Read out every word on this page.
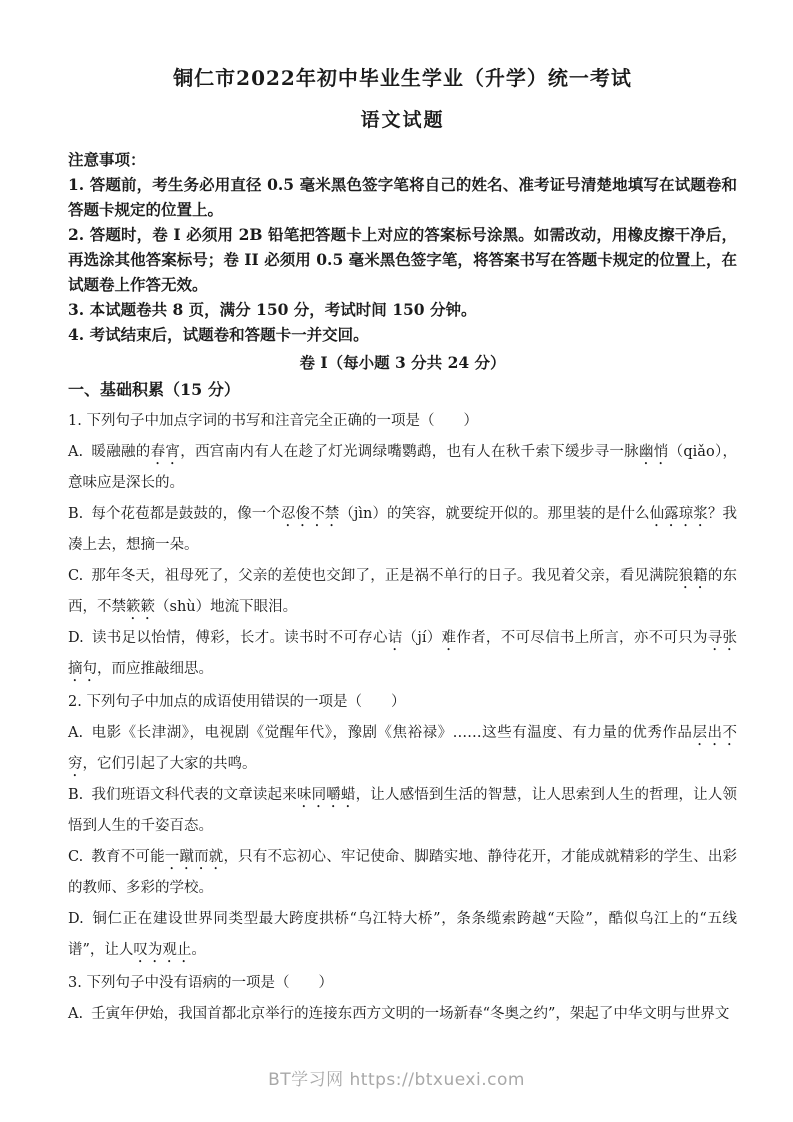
铜仁市2022年初中毕业生学业（升学）统一考试
语文试题

注意事项：

1. 答题前，考生务必用直径 0.5 毫米黑色签字笔将自己的姓名、准考证号清楚地填写在试题卷和答题卡规定的位置上。

2. 答题时，卷 I 必须用 2B 铅笔把答题卡上对应的答案标号涂黑。如需改动，用橡皮擦干净后，再选涂其他答案标号；卷 II 必须用 0.5 毫米黑色签字笔，将答案书写在答题卡规定的位置上，在试题卷上作答无效。

3. 本试题卷共 8 页，满分 150 分，考试时间 150 分钟。

4. 考试结束后，试题卷和答题卡一并交回。

卷 I（每小题 3 分共 24 分）
一、基础积累（15 分）

1. 下列句子中加点字词的书写和注音完全正确的一项是（　　）

A. 暖融融的春宵，西宫南内有人在趁了灯光调绿嘴鹦鹉，也有人在秋千索下缓步寻一脉幽悄（qiǎo），意味应是深长的。

B. 每个花苞都是鼓鼓的，像一个忍俊不禁（jìn）的笑容，就要绽开似的。那里装的是什么仙露琼浆？我凑上去，想摘一朵。

C. 那年冬天，祖母死了，父亲的差使也交卸了，正是祸不单行的日子。我见着父亲，看见满院狼籍的东西，不禁簌簌（shù）地流下眼泪。

D. 读书足以怡情，傅彩，长才。读书时不可存心诘（jí）难作者，不可尽信书上所言，亦不可只为寻张摘句，而应推敲细思。

2. 下列句子中加点的成语使用错误的一项是（　　）

A. 电影《长津湖》，电视剧《觉醒年代》，豫剧《焦裕禄》……这些有温度、有力量的优秀作品层出不穷，它们引起了大家的共鸣。

B. 我们班语文科代表的文章读起来味同嚼蜡，让人感悟到生活的智慧，让人思索到人生的哲理，让人领悟到人生的千姿百态。

C. 教育不可能一蹴而就，只有不忘初心、牢记使命、脚踏实地、静待花开，才能成就精彩的学生、出彩的教师、多彩的学校。

D. 铜仁正在建设世界同类型最大跨度拱桥“乌江特大桥”，条条缆索跨越“天险”，酷似乌江上的“五线谱”，让人叹为观止。

3. 下列句子中没有语病的一项是（　　）

A. 壬寅年伊始，我国首都北京举行的连接东西方文明的一场新春“冬奥之约”，架起了中华文明与世界文

BT学习网 https://btxuexi.com
